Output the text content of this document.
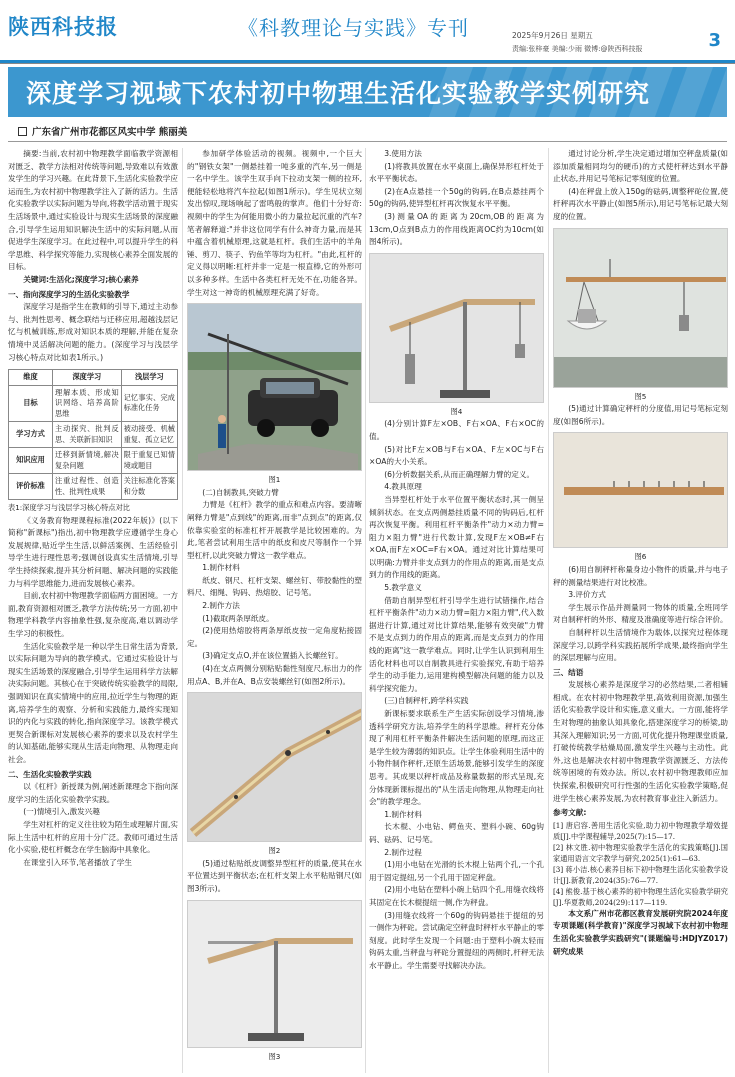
陕西科技报	《科教理论与实践》专刊	2025年9月26日 星期五
责编:张梓豪 美编:少雨 微博:@陕西科技报	3
深度学习视域下农村初中物理生活化实验教学实例研究
广东省广州市花都区风实中学 熊丽美

摘要:当前,农村初中物理教学面临教学资源相对匮乏、教学方法相对传统等问题,导致难以有效激发学生的学习兴趣。在此背景下,生活化实验教学应运而生,为农村初中物理教学注入了新的活力。生活化实验教学以实际问题为导向,将教学活动置于现实生活场景中,通过实验设计与现实生活场景的深度融合,引导学生运用知识解决生活中的实际问题,从而促进学生深度学习。在此过程中,可以提升学生的科学思维、科学探究等能力,实现核心素养全面发展的目标。

关键词:生活化;深度学习;核心素养

一、指向深度学习的生活化实验教学

深度学习是指学生在教师的引导下,通过主动参与、批判性思考、概念联结与迁移应用,超越浅层记忆与机械训练,形成对知识本质的理解,并能在复杂情境中灵活解决问题的能力。(深度学习与浅层学习核心特点对比如表1所示。)

维度	深度学习	浅层学习
目标	理解本质、形成知识网络、培养高阶思维	记忆事实、完成标准化任务
学习方式	主动探究、批判反思、关联新旧知识	被动接受、机械重复、孤立记忆
知识应用	迁移到新情境,解决复杂问题	限于重复已知情境或题目
评价标准	注重过程性、创造性、批判性成果	关注标准化答案和分数

表1:深度学习与浅层学习核心特点对比

《义务教育物理课程标准(2022年版)》(以下简称"新课标")指出,初中物理教学应遵循学生身心发展规律,贴近学生生活,以鲜活案例、生活经验引导学生进行理性思考;强调创设真实生活情境,引导学生持续探索,提升其分析问题、解决问题的实践能力与科学思维能力,进而发展核心素养。

目前,农村初中物理教学面临两方面困境。一方面,教育资源相对匮乏,教学方法传统;另一方面,初中物理学科教学内容抽象性强,复杂度高,难以调动学生学习的积极性。

生活化实验教学是一种以学生日常生活为背景,以实际问题为导向的教学模式。它通过实验设计与现实生活场景的深度融合,引导学生运用科学方法解决实际问题。其核心在于突破传统实验教学的局限,强调知识在真实情境中的应用,拉近学生与物理的距离,培养学生的观察、分析和实践能力,最终实现知识的内化与实践的转化,指向深度学习。该教学模式更契合新课标对发展核心素养的要求以及农村学生的认知基础,能够实现从生活走向物理、从物理走向社会。

二、生活化实验教学实践

以《杠杆》新授课为例,阐述新课理念下指向深度学习的生活化实验教学实践。

(一)情境引入,激发兴趣

学生对杠杆的定义往往较为陌生或理解片面,实际上生活中杠杆的应用十分广泛。教师可通过生活化小实验,使杠杆概念在学生脑海中具象化。

在课堂引入环节,笔者播放了学生

参加研学体验活动的视频。视频中,一个巨大的"钢铁女架"一侧悬挂着一吨多重的汽车,另一侧是一名中学生。该学生双手向下拉动支架一侧的拉环,便能轻松地将汽车拉起(如图1所示)。学生见状立刻发出惊叹,现场响起了雷鸣般的掌声。他们十分好奇:视频中的学生为何能用微小的力量拉起沉重的汽车?笔者解释道:"并非这位同学有什么神奇力量,而是其中蕴含着机械原理,这就是杠杆。我们生活中的羊角锤、剪刀、筷子、钓鱼竿等均为杠杆。"由此,杠杆的定义得以明晰:杠杆并非一定是一根直棒,它的外形可以多种多样。生活中各类杠杆无处不在,功能各异。学生对这一神奇的机械原理充满了好奇。

图1

(二)自制教具,突破力臂

力臂是《杠杆》教学的重点和难点内容。要清晰阐释力臂是"点到线"的距离,而非"点到点"的距离,仅依靠实验室的标准杠杆开展教学是比较困难的。为此,笔者尝试利用生活中的纸皮和皮尺等制作一个异型杠杆,以此突破力臂这一教学难点。

1.制作材料

纸皮、钢尺、杠杆支架、螺丝钉、带胶黏性的塑料尺、细绳、钩码、热熔胶、记号笔。

2.制作方法

(1)截取两条厚纸皮。

(2)使用热熔胶将两条厚纸皮按一定角度粘接固定。

(3)确定支点O,并在该位置插入长螺丝钉。

(4)在支点两侧分别粘贴黏性刻度尺,标出力的作用点A、B,并在A、B点安装螺丝钉(如图2所示)。

图2

(5)通过粘贴纸皮调整异型杠杆的质量,使其在水平位置达到平衡状态;在杠杆支架上水平粘贴钢尺(如图3所示)。

图3

3.使用方法

(1)将教具放置在水平桌面上,确保异形杠杆处于水平平衡状态。

(2)在A点悬挂一个50g的钩码,在B点悬挂两个50g的钩码,使异型杠杆再次恢复水平平衡。

(3)测量OA的距离为20cm,OB的距离为13cm,O点到B点力的作用线距离OC约为10cm(如图4所示)。

图4

(4)分别计算F左×OB、F右×OA、F右×OC的值。

(5)对比F左×OB与F右×OA、F左×OC与F右×OA的大小关系。

(6)分析数据关系,从而正确理解力臂的定义。

4.教具原理

当异型杠杆处于水平位置平衡状态时,其一侧呈倾斜状态。在支点两侧悬挂质量不同的钩码后,杠杆再次恢复平衡。利用杠杆平衡条件"动力×动力臂=阻力×阻力臂"进行代数计算,发现F左×OB≠F右×OA,而F左×OC=F右×OA。通过对比计算结果可以明确:力臂并非支点到力的作用点的距离,而是支点到力的作用线的距离。

5.教学意义

借助自制异型杠杆引导学生进行试错操作,结合杠杆平衡条件"动力×动力臂=阻力×阻力臂",代入数据进行计算,通过对比计算结果,能够有效突破"力臂不是支点到力的作用点的距离,而是支点到力的作用线的距离"这一教学难点。同时,让学生认识到利用生活化材料也可以自制教具进行实验探究,有助于培养学生的动手能力,运用建构模型解决问题的能力以及科学探究能力。

(三)自制秤杆,跨学科实践

新课标要求联系生产生活实际创设学习情境,渗透科学研究方法,培养学生的科学思维。秤杆充分体现了利用杠杆平衡条件解决生活问题的原理,而这正是学生较为薄弱的知识点。让学生体验利用生活中的小物件制作秤杆,还原生活场景,能够引发学生的深度思考。其成果以秤杆成品及称量数据的形式呈现,充分体现新课标提出的"从生活走向物理,从物理走向社会"的教学理念。

1.制作材料

长木棍、小电钻、鳄鱼夹、塑料小碗、60g钩码、砝码、记号笔。

2.制作过程

(1)用小电钻在光滑的长木棍上钻两个孔,一个孔用于固定提纽,另一个孔用于固定秤盘。

(2)用小电钻在塑料小碗上钻四个孔,用缝衣线将其固定在长木棍提纽一侧,作为秤盘。

(3)用缝衣线将一个60g的钩码悬挂于提纽的另一侧作为秤砣。尝试确定空秤盘时秤杆水平静止的零刻度。此时学生发现一个问题:由于塑料小碗太轻而钩码太重,当秤盘与秤砣分置提纽的两侧时,杆秤无法水平静止。学生需要寻找解决办法。

通过讨论分析,学生决定通过增加空秤盘质量(如添加质量相同均匀的硬币)的方式使杆秤达到水平静止状态,并用记号笔标记零刻度的位置。

(4)在秤盘上放入150g的砝码,调整秤砣位置,使杆秤再次水平静止(如图5所示),用记号笔标记最大刻度的位置。

图5

(5)通过计算确定秤杆的分度值,用记号笔标定刻度(如图6所示)。

图6

(6)用自制秤杆称量身边小物件的质量,并与电子秤的测量结果进行对比校准。

3.评价方式

学生展示作品并测量同一物体的质量,全班同学对自制秤杆的外形、精度及准确度等进行综合评价。

自制秤杆以生活情境作为载体,以探究过程体现深度学习,以跨学科实践拓展所学成果,最终指向学生的深层理解与应用。

三、结语

发展核心素养是深度学习的必然结果,二者相辅相成。在农村初中物理教学里,高效利用资源,加强生活化实验教学设计和实施,意义重大。一方面,能将学生对物理的抽象认知具象化,搭建深度学习的桥梁,助其深入理解知识;另一方面,可优化提升物理课堂质量,打破传统教学枯燥局面,激发学生兴趣与主动性。此外,这也是解决农村初中物理教学资源匮乏、方法传统等困境的有效办法。所以,农村初中物理教师应加快探索,积极研究可行性强的生活化实验教学策略,促进学生核心素养发展,为农村教育事业注入新活力。

参考文献:

[1] 唐启容.善用生活化实验,助力初中物理教学增效提质[J].中学课程辅导,2025(7):15—17.

[2] 林文胜.初中物理实验教学生活化的实践策略[J].国家通用语言文字教学与研究,2025(1):61—63.

[3] 蒋小洁.核心素养目标下初中物理生活化实验教学设计[J].新教育,2024(35):76—77.

[4] 熊俊.基于核心素养的初中物理生活化实验教学研究[J].华夏教师,2024(29):117—119.

本文系广州市花都区教育发展研究院2024年度专项课题(科学教育)"深度学习视域下农村初中物理生活化实验教学实践研究"(课题编号:HDJYZ017)研究成果
